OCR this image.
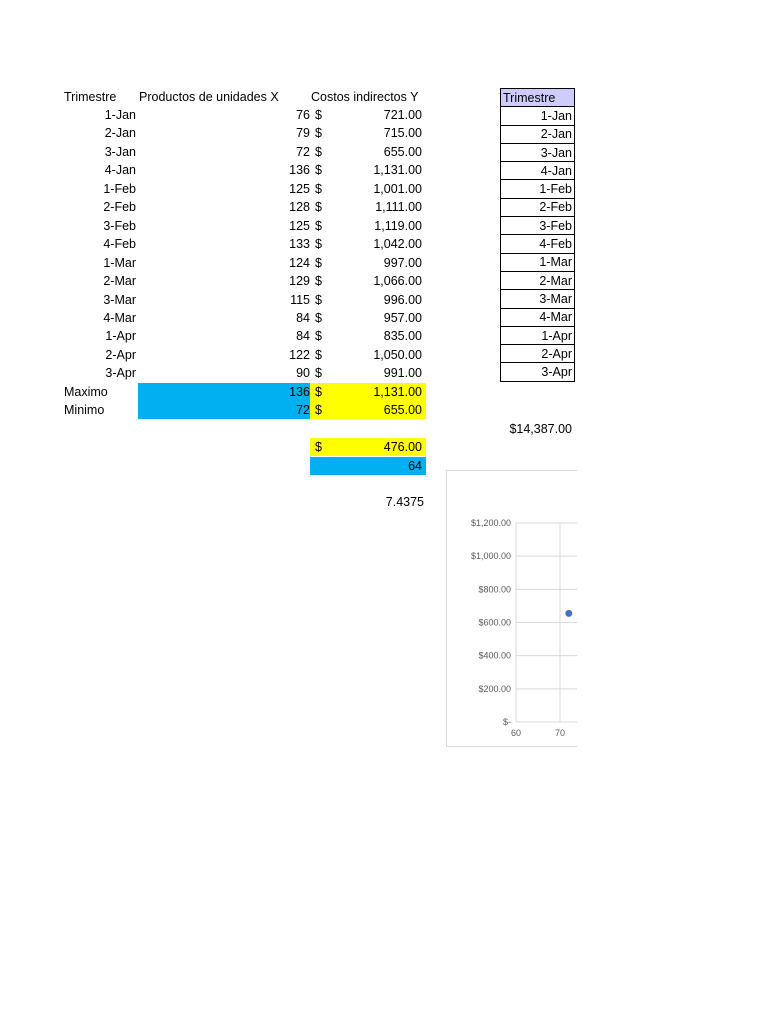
Trimestre Productos de unidades X	Costos indirectos Y
1-Jan	76 $	721.00
2-Jan	79 $	715.00
3-Jan	72 $	655.00
4-Jan	136 $	1,131.00
1-Feb	125 $	1,001.00
2-Feb	128 $	1,111.00
3-Feb	125 $	1,119.00
4-Feb	133 $	1,042.00
1-Mar	124 $	997.00
2-Mar	129 $	1,066.00
3-Mar	115 $	996.00
4-Mar	84 $	957.00
1-Apr	84 $	835.00
2-Apr	122 $	1,050.00
3-Apr	90 $	991.00
Maximo	136 $	1,131.00
Minimo	72 $	655.00
$14,387.00
$	476.00
64
7.4375
Trimestre
1-Jan
2-Jan
3-Jan
4-Jan
1-Feb
2-Feb
3-Feb
4-Feb
1-Mar
2-Mar
3-Mar
4-Mar
1-Apr
2-Apr
3-Apr
$-
$200.00
$400.00
$600.00
$800.00
$1,000.00
$1,200.00
60	70
